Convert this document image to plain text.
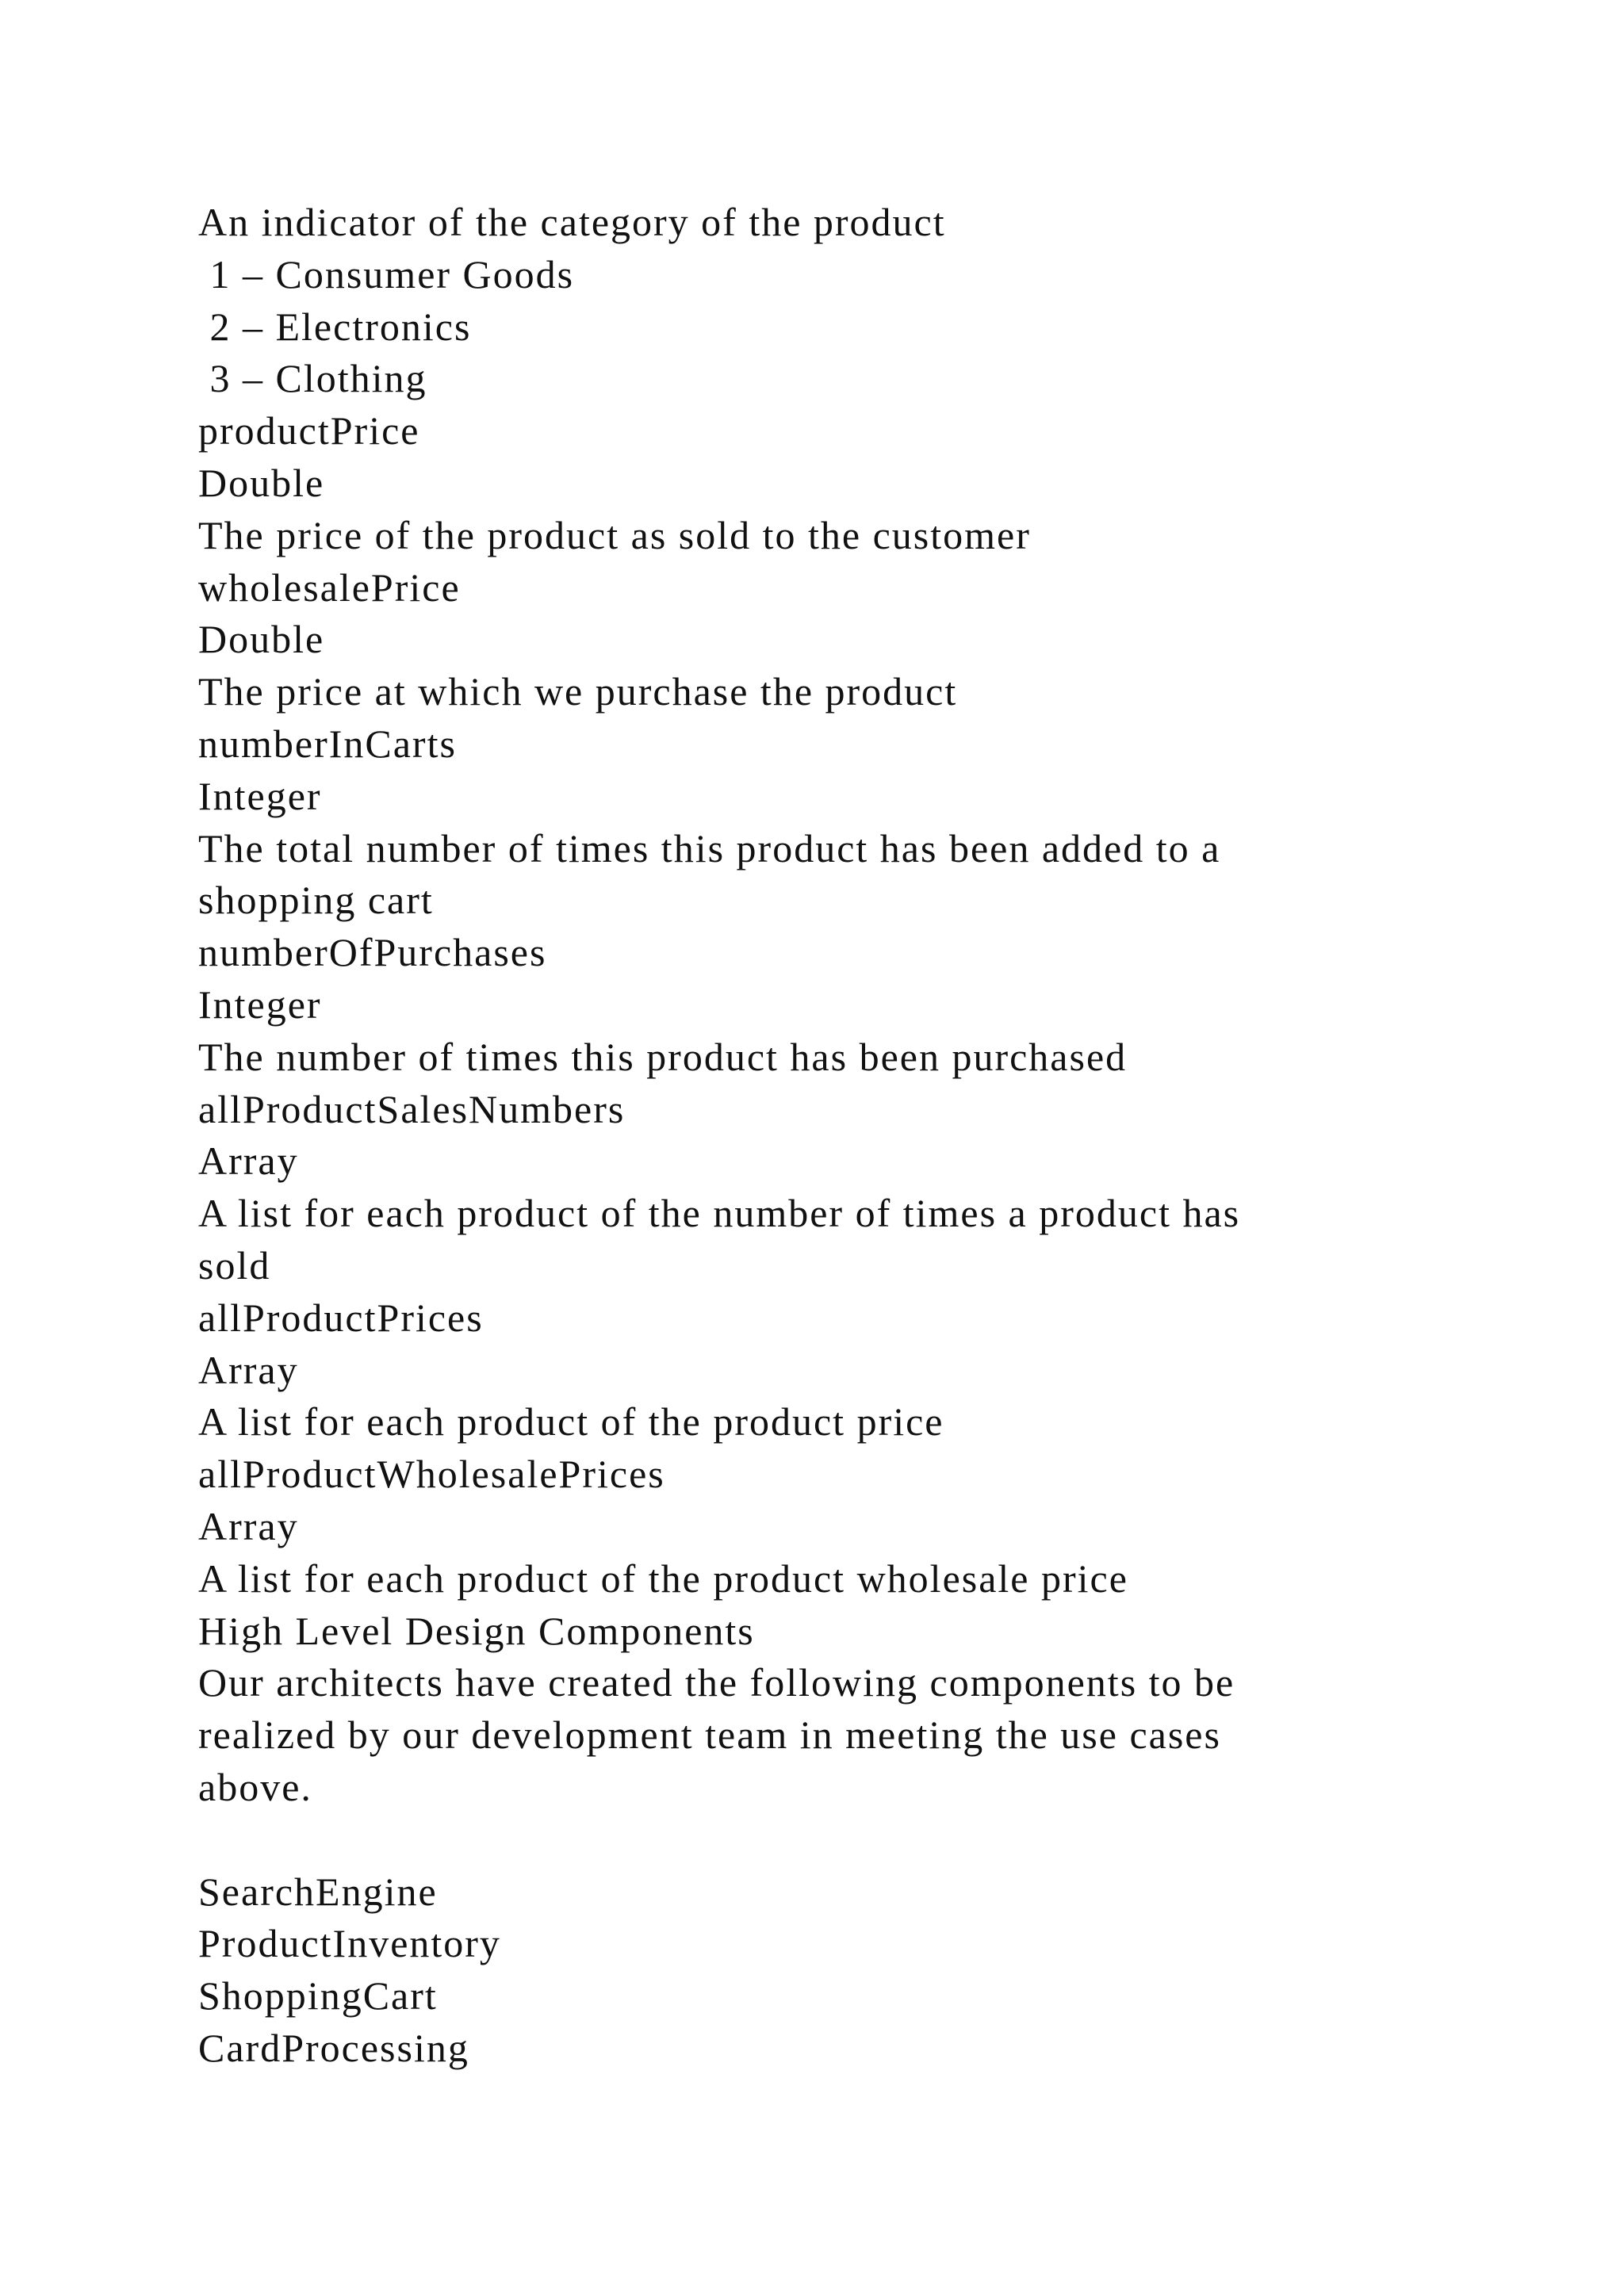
An indicator of the category of the product
1 – Consumer Goods
2 – Electronics
3 – Clothing
productPrice
Double
The price of the product as sold to the customer
wholesalePrice
Double
The price at which we purchase the product
numberInCarts
Integer
The total number of times this product has been added to a
shopping cart
numberOfPurchases
Integer
The number of times this product has been purchased
allProductSalesNumbers
Array
A list for each product of the number of times a product has
sold
allProductPrices
Array
A list for each product of the product price
allProductWholesalePrices
Array
A list for each product of the product wholesale price
High Level Design Components
Our architects have created the following components to be
realized by our development team in meeting the use cases
above.
SearchEngine
ProductInventory
ShoppingCart
CardProcessing
